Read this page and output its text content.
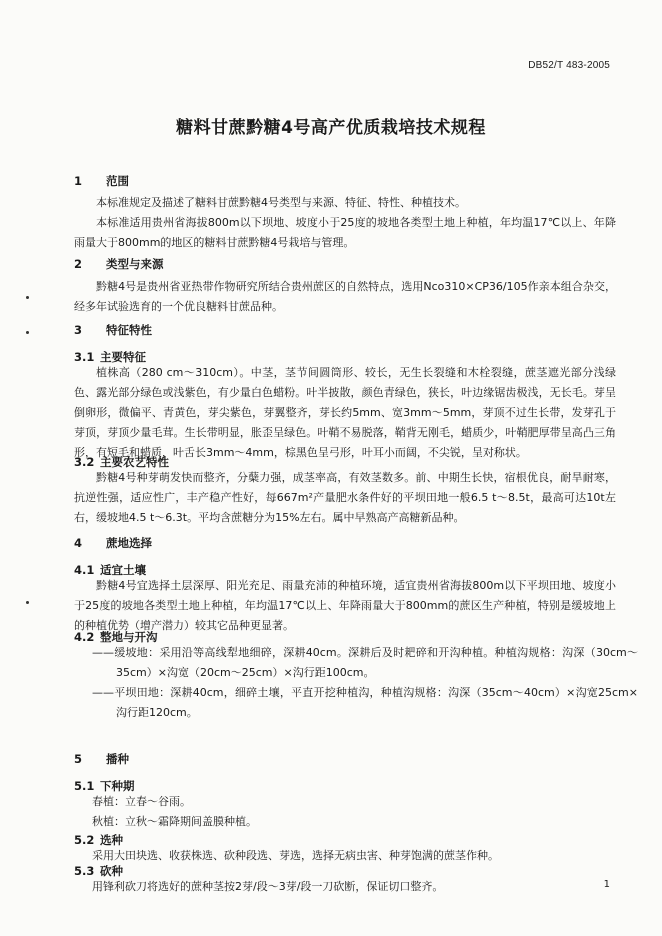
DB52/T 483-2005
糖料甘蔗黔糖4号高产优质栽培技术规程
1 范围

本标准规定及描述了糖料甘蔗黔糖4号类型与来源、特征、特性、种植技术。

本标准适用贵州省海拔800m以下坝地、坡度小于25度的坡地各类型土地上种植，年均温17℃以上、年降雨量大于800mm的地区的糖料甘蔗黔糖4号栽培与管理。

2 类型与来源

黔糖4号是贵州省亚热带作物研究所结合贵州蔗区的自然特点，选用Nco310×CP36/105作亲本组合杂交，经多年试验选育的一个优良糖料甘蔗品种。

3 特征特性
3.1 主要特征

植株高（280 cm～310cm）。中茎，茎节间圆筒形、较长，无生长裂缝和木栓裂缝，蔗茎遮光部分浅绿色、露光部分绿色或浅紫色，有少量白色蜡粉。叶半披散，颜色青绿色，狭长，叶边缘锯齿极浅，无长毛。芽呈倒卵形，微偏平、青黄色，芽尖紫色，芽翼整齐，芽长约5mm、宽3mm～5mm，芽顶不过生长带，发芽孔于芽顶，芽顶少量毛茸。生长带明显，胀歪呈绿色。叶鞘不易脱落，鞘背无刚毛，蜡质少，叶鞘肥厚带呈高凸三角形，有短毛和蜡质，叶舌长3mm～4mm，棕黑色呈弓形，叶耳小而阔，不尖锐，呈对称状。

3.2 主要农艺特性

黔糖4号种芽萌发快而整齐，分蘖力强，成茎率高，有效茎数多。前、中期生长快，宿根优良，耐旱耐寒，抗逆性强，适应性广，丰产稳产性好，每667m²产量肥水条件好的平坝田地一般6.5 t～8.5t，最高可达10t左右，缓坡地4.5 t～6.3t。平均含蔗糖分为15%左右。属中早熟高产高糖新品种。

4 蔗地选择
4.1 适宜土壤

黔糖4号宜选择土层深厚、阳光充足、雨量充沛的种植环境，适宜贵州省海拔800m以下平坝田地、坡度小于25度的坡地各类型土地上种植，年均温17℃以上、年降雨量大于800mm的蔗区生产种植，特别是缓坡地上的种植优势（增产潜力）较其它品种更显著。

4.2 整地与开沟

——缓坡地：采用沿等高线犁地细碎，深耕40cm。深耕后及时耙碎和开沟种植。种植沟规格：沟深（30cm～35cm）×沟宽（20cm～25cm）×沟行距100cm。

——平坝田地：深耕40cm，细碎土壤，平直开挖种植沟，种植沟规格：沟深（35cm～40cm）×沟宽25cm×沟行距120cm。

5 播种
5.1 下种期

春植：立春～谷雨。

秋植：立秋～霜降期间盖膜种植。

5.2 选种

采用大田块选、收获株选、砍种段选、芽选，选择无病虫害、种芽饱满的蔗茎作种。

5.3 砍种

用锋利砍刀将选好的蔗种茎按2芽/段～3芽/段一刀砍断，保证切口整齐。	1
